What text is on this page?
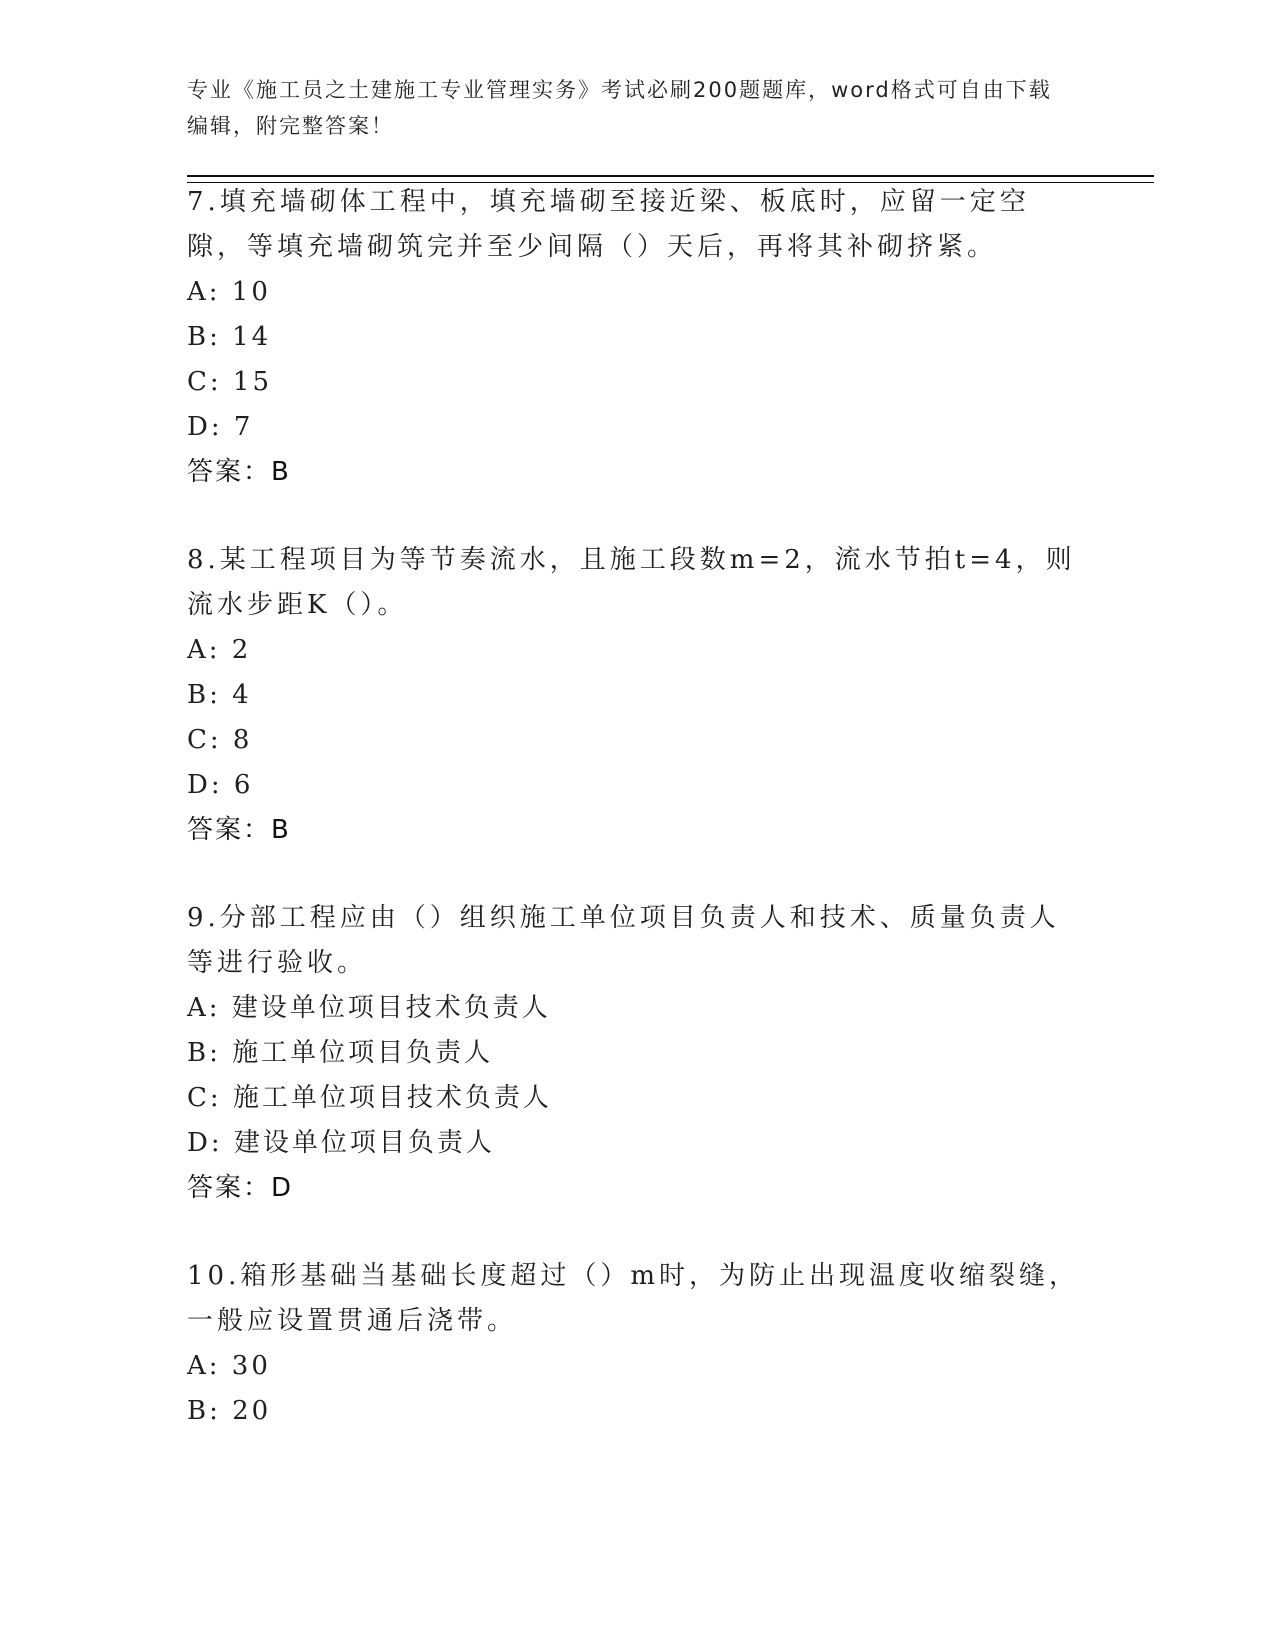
专业《施工员之土建施工专业管理实务》考试必刷200题题库，word格式可自由下载编辑，附完整答案！

7.填充墙砌体工程中，填充墙砌至接近梁、板底时，应留一定空隙，等填充墙砌筑完并至少间隔（）天后，再将其补砌挤紧。

A: 10

B: 14

C: 15

D: 7

答案：B

8.某工程项目为等节奏流水，且施工段数m=2，流水节拍t=4，则流水步距K（）。

A: 2

B: 4

C: 8

D: 6

答案：B

9.分部工程应由（）组织施工单位项目负责人和技术、质量负责人等进行验收。

A: 建设单位项目技术负责人

B: 施工单位项目负责人

C: 施工单位项目技术负责人

D: 建设单位项目负责人

答案：D

10.箱形基础当基础长度超过（）m时，为防止出现温度收缩裂缝，一般应设置贯通后浇带。

A: 30

B: 20
